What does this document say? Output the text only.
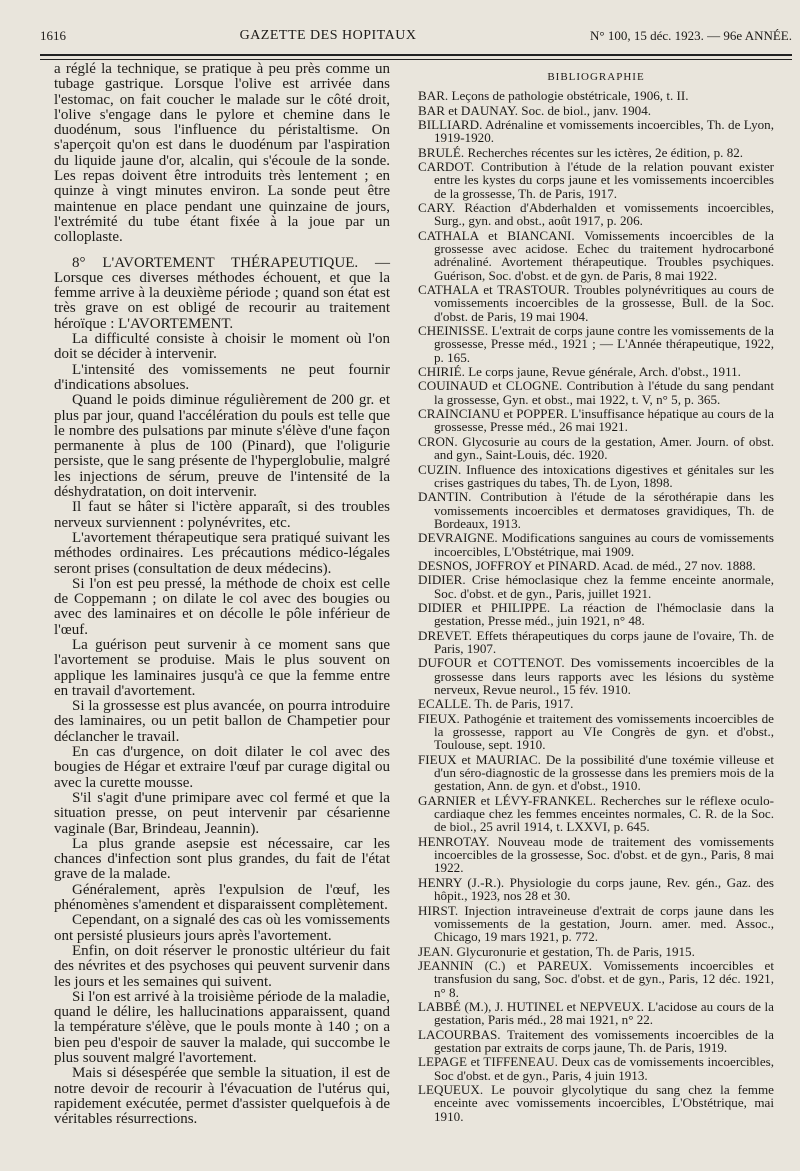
1616	GAZETTE DES HOPITAUX	N° 100, 15 déc. 1923. — 96e ANNÉE.

a réglé la technique, se pratique à peu près comme un tubage gastrique. Lorsque l'olive est arrivée dans l'estomac, on fait coucher le malade sur le côté droit, l'olive s'engage dans le pylore et chemine dans le duodénum, sous l'influence du péristaltisme. On s'aperçoit qu'on est dans le duodénum par l'aspiration du liquide jaune d'or, alcalin, qui s'écoule de la sonde. Les repas doivent être introduits très lentement ; en quinze à vingt minutes environ. La sonde peut être maintenue en place pendant une quinzaine de jours, l'extrémité du tube étant fixée à la joue par un colloplaste.

8° L'AVORTEMENT THÉRAPEUTIQUE. — Lorsque ces diverses méthodes échouent, et que la femme arrive à la deuxième période ; quand son état est très grave on est obligé de recourir au traitement héroïque : L'AVORTEMENT.

La difficulté consiste à choisir le moment où l'on doit se décider à intervenir.

L'intensité des vomissements ne peut fournir d'indications absolues.

Quand le poids diminue régulièrement de 200 gr. et plus par jour, quand l'accélération du pouls est telle que le nombre des pulsations par minute s'élève d'une façon permanente à plus de 100 (Pinard), que l'oligurie persiste, que le sang présente de l'hyperglobulie, malgré les injections de sérum, preuve de l'intensité de la déshydratation, on doit intervenir.

Il faut se hâter si l'ictère apparaît, si des troubles nerveux surviennent : polynévrites, etc.

L'avortement thérapeutique sera pratiqué suivant les méthodes ordinaires. Les précautions médico-légales seront prises (consultation de deux médecins).

Si l'on est peu pressé, la méthode de choix est celle de Coppemann ; on dilate le col avec des bougies ou avec des laminaires et on décolle le pôle inférieur de l'œuf.

La guérison peut survenir à ce moment sans que l'avortement se produise. Mais le plus souvent on applique les laminaires jusqu'à ce que la femme entre en travail d'avortement.

Si la grossesse est plus avancée, on pourra introduire des laminaires, ou un petit ballon de Champetier pour déclancher le travail.

En cas d'urgence, on doit dilater le col avec des bougies de Hégar et extraire l'œuf par curage digital ou avec la curette mousse.

S'il s'agit d'une primipare avec col fermé et que la situation presse, on peut intervenir par césarienne vaginale (Bar, Brindeau, Jeannin).

La plus grande asepsie est nécessaire, car les chances d'infection sont plus grandes, du fait de l'état grave de la malade.

Généralement, après l'expulsion de l'œuf, les phénomènes s'amendent et disparaissent complètement.

Cependant, on a signalé des cas où les vomissements ont persisté plusieurs jours après l'avortement.

Enfin, on doit réserver le pronostic ultérieur du fait des névrites et des psychoses qui peuvent survenir dans les jours et les semaines qui suivent.

Si l'on est arrivé à la troisième période de la maladie, quand le délire, les hallucinations apparaissent, quand la température s'élève, que le pouls monte à 140 ; on a bien peu d'espoir de sauver la malade, qui succombe le plus souvent malgré l'avortement.

Mais si désespérée que semble la situation, il est de notre devoir de recourir à l'évacuation de l'utérus qui, rapidement exécutée, permet d'assister quelquefois à de véritables résurrections.

BIBLIOGRAPHIE
BAR. Leçons de pathologie obstétricale, 1906, t. II.
BAR et DAUNAY. Soc. de biol., janv. 1904.
BILLIARD. Adrénaline et vomissements incoercibles, Th. de Lyon, 1919-1920.
BRULÉ. Recherches récentes sur les ictères, 2e édition, p. 82.
CARDOT. Contribution à l'étude de la relation pouvant exister entre les kystes du corps jaune et les vomissements incoercibles de la grossesse, Th. de Paris, 1917.
CARY. Réaction d'Abderhalden et vomissements incoercibles, Surg., gyn. and obst., août 1917, p. 206.
CATHALA et BIANCANI. Vomissements incoercibles de la grossesse avec acidose. Echec du traitement hydrocarboné adrénaliné. Avortement thérapeutique. Troubles psychiques. Guérison, Soc. d'obst. et de gyn. de Paris, 8 mai 1922.
CATHALA et TRASTOUR. Troubles polynévritiques au cours de vomissements incoercibles de la grossesse, Bull. de la Soc. d'obst. de Paris, 19 mai 1904.
CHEINISSE. L'extrait de corps jaune contre les vomissements de la grossesse, Presse méd., 1921 ; — L'Année thérapeutique, 1922, p. 165.
CHIRIÉ. Le corps jaune, Revue générale, Arch. d'obst., 1911.
COUINAUD et CLOGNE. Contribution à l'étude du sang pendant la grossesse, Gyn. et obst., mai 1922, t. V, n° 5, p. 365.
CRAINCIANU et POPPER. L'insuffisance hépatique au cours de la grossesse, Presse méd., 26 mai 1921.
CRON. Glycosurie au cours de la gestation, Amer. Journ. of obst. and gyn., Saint-Louis, déc. 1920.
CUZIN. Influence des intoxications digestives et génitales sur les crises gastriques du tabes, Th. de Lyon, 1898.
DANTIN. Contribution à l'étude de la sérothérapie dans les vomissements incoercibles et dermatoses gravidiques, Th. de Bordeaux, 1913.
DEVRAIGNE. Modifications sanguines au cours de vomissements incoercibles, L'Obstétrique, mai 1909.
DESNOS, JOFFROY et PINARD. Acad. de méd., 27 nov. 1888.
DIDIER. Crise hémoclasique chez la femme enceinte anormale, Soc. d'obst. et de gyn., Paris, juillet 1921.
DIDIER et PHILIPPE. La réaction de l'hémoclasie dans la gestation, Presse méd., juin 1921, n° 48.
DREVET. Effets thérapeutiques du corps jaune de l'ovaire, Th. de Paris, 1907.
DUFOUR et COTTENOT. Des vomissements incoercibles de la grossesse dans leurs rapports avec les lésions du système nerveux, Revue neurol., 15 fév. 1910.
ECALLE. Th. de Paris, 1917.
FIEUX. Pathogénie et traitement des vomissements incoercibles de la grossesse, rapport au VIe Congrès de gyn. et d'obst., Toulouse, sept. 1910.
FIEUX et MAURIAC. De la possibilité d'une toxémie villeuse et d'un séro-diagnostic de la grossesse dans les premiers mois de la gestation, Ann. de gyn. et d'obst., 1910.
GARNIER et LÉVY-FRANKEL. Recherches sur le réflexe oculo-cardiaque chez les femmes enceintes normales, C. R. de la Soc. de biol., 25 avril 1914, t. LXXVI, p. 645.
HENROTAY. Nouveau mode de traitement des vomissements incoercibles de la grossesse, Soc. d'obst. et de gyn., Paris, 8 mai 1922.
HENRY (J.-R.). Physiologie du corps jaune, Rev. gén., Gaz. des hôpit., 1923, nos 28 et 30.
HIRST. Injection intraveineuse d'extrait de corps jaune dans les vomissements de la gestation, Journ. amer. med. Assoc., Chicago, 19 mars 1921, p. 772.
JEAN. Glycuronurie et gestation, Th. de Paris, 1915.
JEANNIN (C.) et PAREUX. Vomissements incoercibles et transfusion du sang, Soc. d'obst. et de gyn., Paris, 12 déc. 1921, n° 8.
LABBÉ (M.), J. HUTINEL et NEPVEUX. L'acidose au cours de la gestation, Paris méd., 28 mai 1921, n° 22.
LACOURBAS. Traitement des vomissements incoercibles de la gestation par extraits de corps jaune, Th. de Paris, 1919.
LEPAGE et TIFFENEAU. Deux cas de vomissements incoercibles, Soc d'obst. et de gyn., Paris, 4 juin 1913.
LEQUEUX. Le pouvoir glycolytique du sang chez la femme enceinte avec vomissements incoercibles, L'Obstétrique, mai 1910.
